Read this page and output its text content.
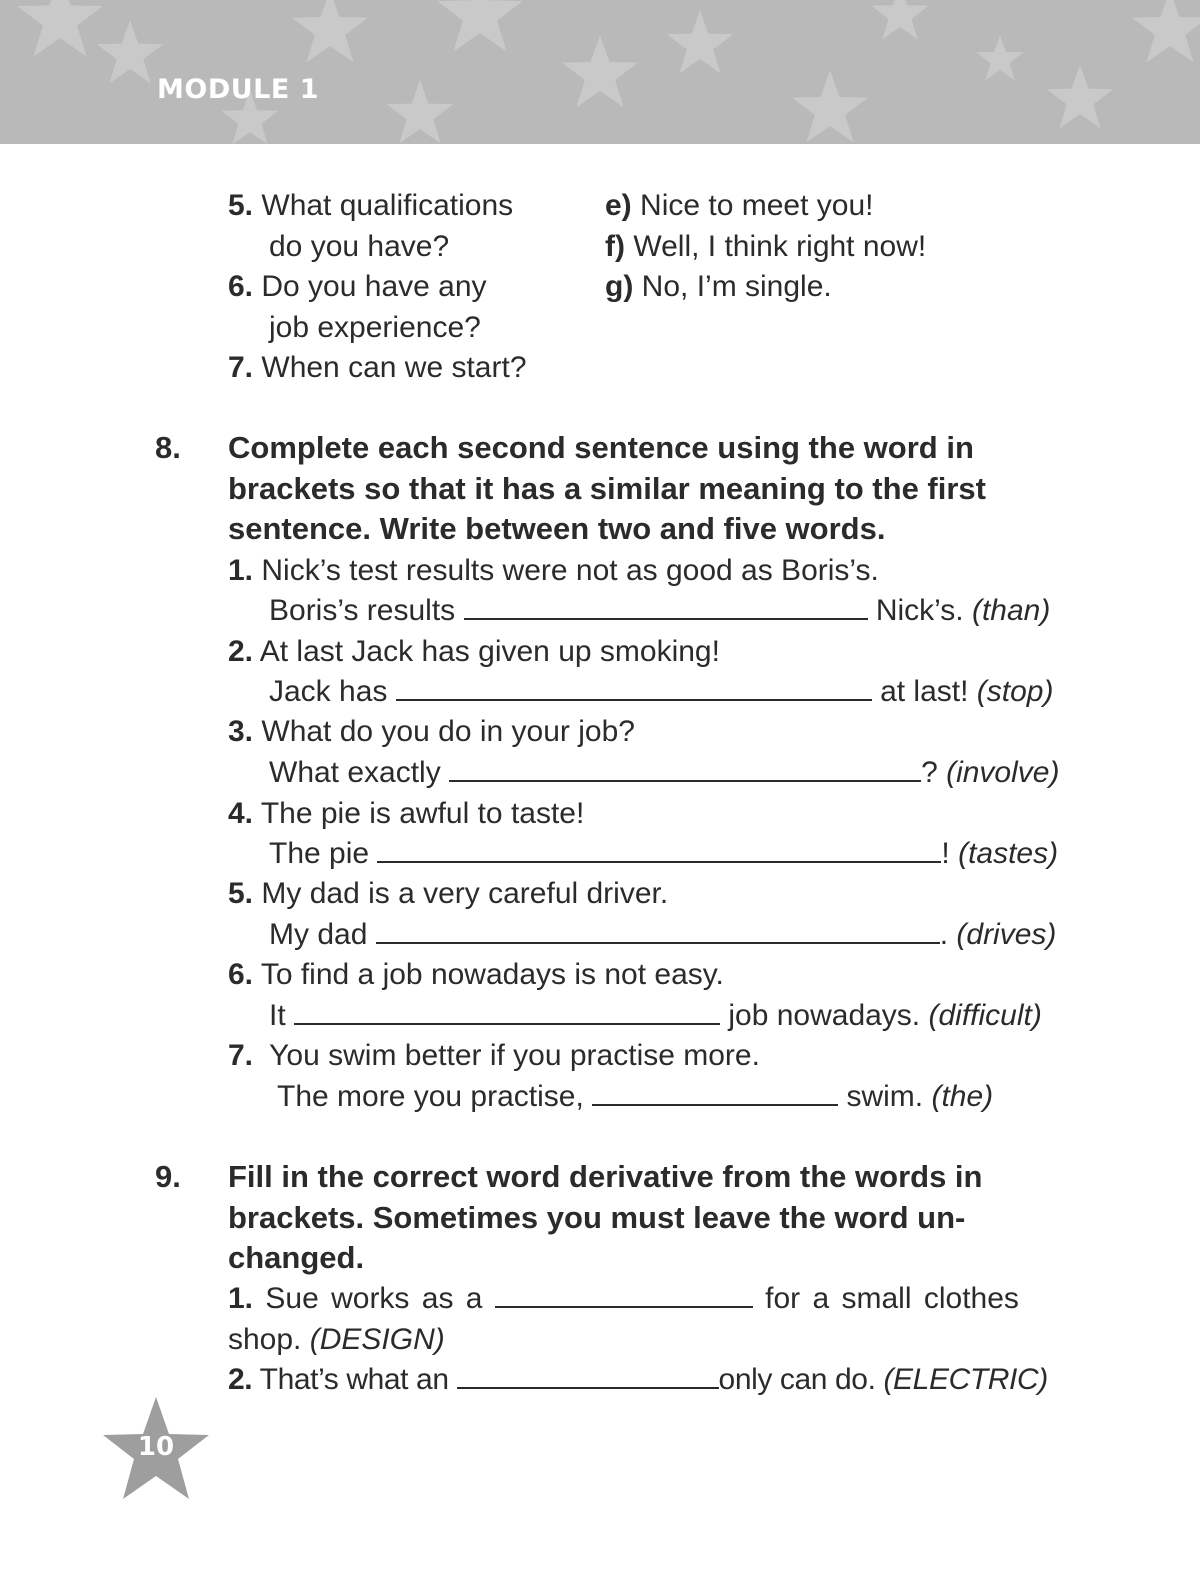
MODULE 1
5. What qualifications
do you have?
6. Do you have any
job experience?
7. When can we start?
e) Nice to meet you!
f) Well, I think right now!
g) No, I’m single.
8. Complete each second sentence using the word in
brackets so that it has a similar meaning to the first
sentence. Write between two and five words.
1. Nick’s test results were not as good as Boris’s.
Boris’s results	Nick’s. (than)
2. At last Jack has given up smoking!
Jack has	at last! (stop)
3. What do you do in your job?
What exactly	? (involve)
4. The pie is awful to taste!
The pie	! (tastes)
5. My dad is a very careful driver.
My dad	. (drives)
6. To find a job nowadays is not easy.
It	job nowadays. (difficult)
7. You swim better if you practise more.
The more you practise,	swim. (the)
9. Fill in the correct word derivative from the words in
brackets. Sometimes you must leave the word un-
changed.
1. Sue works as a	for a small clothes
shop. (DESIGN)
2. That’s what an	only can do. (ELECTRIC)
10
